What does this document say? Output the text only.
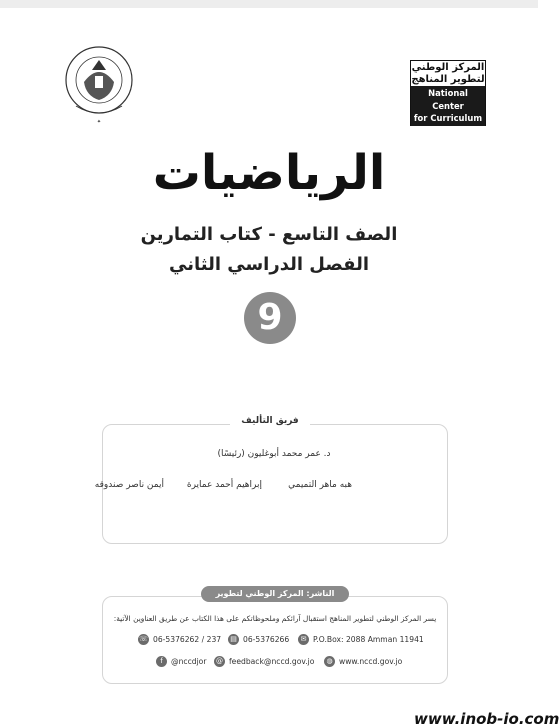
✦
المركز الوطني لتطوير المناهج
National Center
for Curriculum
Development
الرياضيات
الصف التاسع - كتاب التمارين
الفصل الدراسي الثاني
9
فريق التأليف
د. عمر محمد أبوغليون (رئيسًا)
هبه ماهر التميمي
إبراهيم أحمد عمايرة
أيمن ناصر صندوقه
الناشر: المركز الوطني لتطوير المناهج
يسر المركز الوطني لتطوير المناهج استقبال آرائكم وملحوظاتكم على هذا الكتاب عن طريق العناوين الآتية:
☏ 06-5376262 / 237	▤ 06-5376266	✉ P.O.Box: 2088 Amman 11941
f	@nccdjor @ feedback@nccd.gov.jo	◍ www.nccd.gov.jo
www.inob-io.com
